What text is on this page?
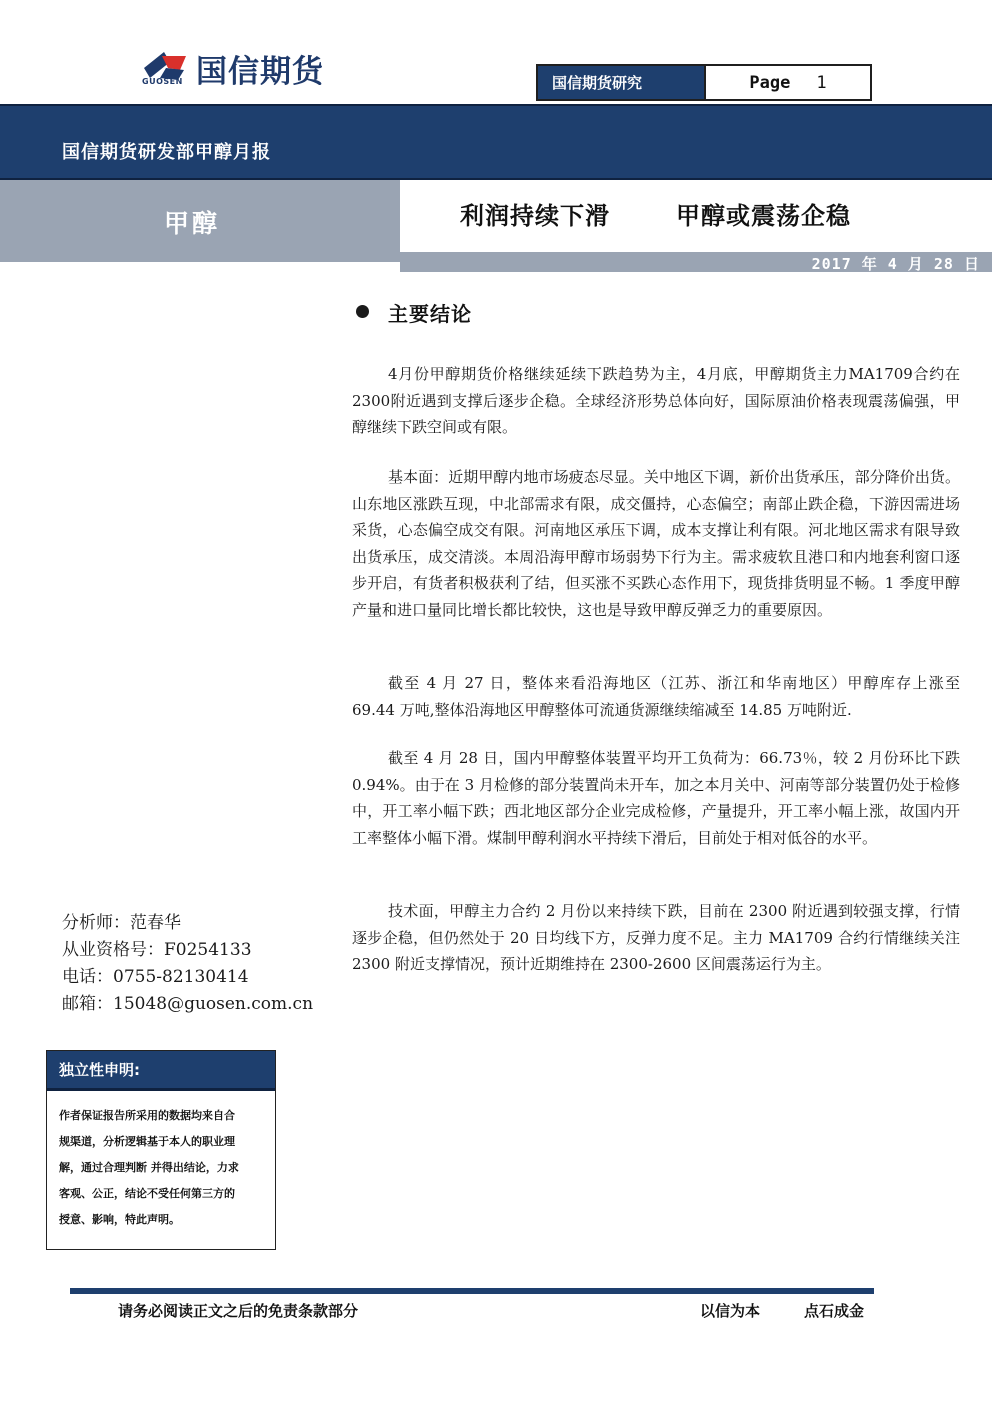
GUOSEN 国信期货	国信期货研究	Page 1
国信期货研发部甲醇月报
甲醇	利润持续下滑	甲醇或震荡企稳
2017 年 4 月 28 日
主要结论

4月份甲醇期货价格继续延续下跌趋势为主，4月底，甲醇期货主力MA1709合约在2300附近遇到支撑后逐步企稳。全球经济形势总体向好，国际原油价格表现震荡偏强，甲醇继续下跌空间或有限。

基本面：近期甲醇内地市场疲态尽显。关中地区下调，新价出货承压，部分降价出货。山东地区涨跌互现，中北部需求有限，成交僵持，心态偏空；南部止跌企稳，下游因需进场采货，心态偏空成交有限。河南地区承压下调，成本支撑让利有限。河北地区需求有限导致出货承压，成交清淡。本周沿海甲醇市场弱势下行为主。需求疲软且港口和内地套利窗口逐步开启，有货者积极获利了结，但买涨不买跌心态作用下，现货排货明显不畅。1 季度甲醇产量和进口量同比增长都比较快，这也是导致甲醇反弹乏力的重要原因。

截至 4 月 27 日，整体来看沿海地区（江苏、浙江和华南地区）甲醇库存上涨至 69.44 万吨,整体沿海地区甲醇整体可流通货源继续缩减至 14.85 万吨附近.

截至 4 月 28 日，国内甲醇整体装置平均开工负荷为：66.73％，较 2 月份环比下跌 0.94%。由于在 3 月检修的部分装置尚未开车，加之本月关中、河南等部分装置仍处于检修中，开工率小幅下跌；西北地区部分企业完成检修，产量提升，开工率小幅上涨，故国内开工率整体小幅下滑。煤制甲醇利润水平持续下滑后，目前处于相对低谷的水平。

技术面，甲醇主力合约 2 月份以来持续下跌，目前在 2300 附近遇到较强支撑，行情逐步企稳，但仍然处于 20 日均线下方，反弹力度不足。主力 MA1709 合约行情继续关注 2300 附近支撑情况，预计近期维持在 2300-2600 区间震荡运行为主。

分析师：范春华
从业资格号：F0254133
电话：0755-82130414
邮箱：15048@guosen.com.cn
独立性申明:
作者保证报告所采用的数据均来自合
规渠道，分析逻辑基于本人的职业理
解，通过合理判断 并得出结论，力求
客观、公正，结论不受任何第三方的
授意、影响，特此声明。
请务必阅读正文之后的免责条款部分	以信为本	点石成金
